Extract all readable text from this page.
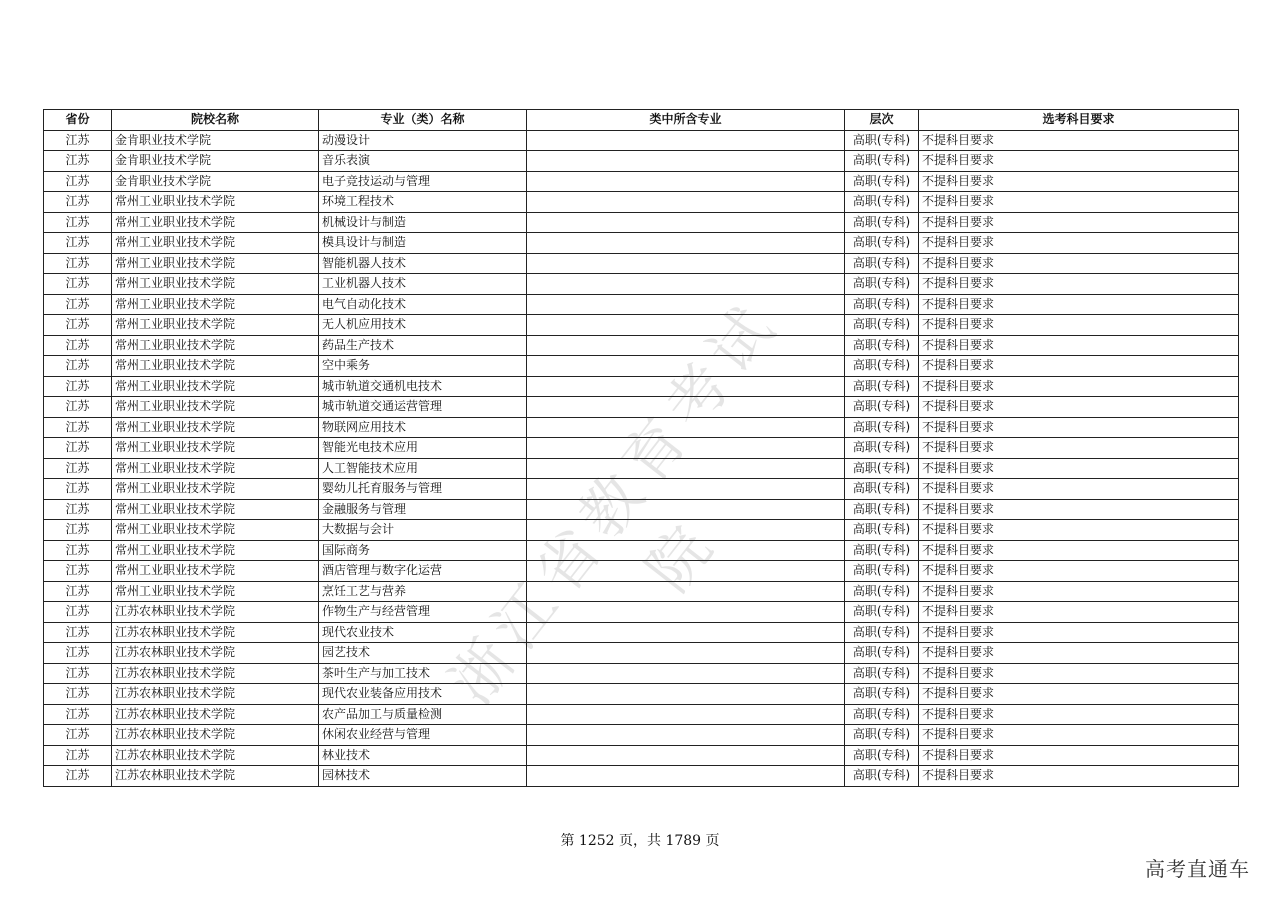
浙江省教育考试院
省份	院校名称	专业（类）名称	类中所含专业	层次	选考科目要求
江苏	金肯职业技术学院	动漫设计		高职(专科)	不提科目要求
江苏	金肯职业技术学院	音乐表演		高职(专科)	不提科目要求
江苏	金肯职业技术学院	电子竞技运动与管理		高职(专科)	不提科目要求
江苏	常州工业职业技术学院	环境工程技术		高职(专科)	不提科目要求
江苏	常州工业职业技术学院	机械设计与制造		高职(专科)	不提科目要求
江苏	常州工业职业技术学院	模具设计与制造		高职(专科)	不提科目要求
江苏	常州工业职业技术学院	智能机器人技术		高职(专科)	不提科目要求
江苏	常州工业职业技术学院	工业机器人技术		高职(专科)	不提科目要求
江苏	常州工业职业技术学院	电气自动化技术		高职(专科)	不提科目要求
江苏	常州工业职业技术学院	无人机应用技术		高职(专科)	不提科目要求
江苏	常州工业职业技术学院	药品生产技术		高职(专科)	不提科目要求
江苏	常州工业职业技术学院	空中乘务		高职(专科)	不提科目要求
江苏	常州工业职业技术学院	城市轨道交通机电技术		高职(专科)	不提科目要求
江苏	常州工业职业技术学院	城市轨道交通运营管理		高职(专科)	不提科目要求
江苏	常州工业职业技术学院	物联网应用技术		高职(专科)	不提科目要求
江苏	常州工业职业技术学院	智能光电技术应用		高职(专科)	不提科目要求
江苏	常州工业职业技术学院	人工智能技术应用		高职(专科)	不提科目要求
江苏	常州工业职业技术学院	婴幼儿托育服务与管理		高职(专科)	不提科目要求
江苏	常州工业职业技术学院	金融服务与管理		高职(专科)	不提科目要求
江苏	常州工业职业技术学院	大数据与会计		高职(专科)	不提科目要求
江苏	常州工业职业技术学院	国际商务		高职(专科)	不提科目要求
江苏	常州工业职业技术学院	酒店管理与数字化运营		高职(专科)	不提科目要求
江苏	常州工业职业技术学院	烹饪工艺与营养		高职(专科)	不提科目要求
江苏	江苏农林职业技术学院	作物生产与经营管理		高职(专科)	不提科目要求
江苏	江苏农林职业技术学院	现代农业技术		高职(专科)	不提科目要求
江苏	江苏农林职业技术学院	园艺技术		高职(专科)	不提科目要求
江苏	江苏农林职业技术学院	茶叶生产与加工技术		高职(专科)	不提科目要求
江苏	江苏农林职业技术学院	现代农业装备应用技术		高职(专科)	不提科目要求
江苏	江苏农林职业技术学院	农产品加工与质量检测		高职(专科)	不提科目要求
江苏	江苏农林职业技术学院	休闲农业经营与管理		高职(专科)	不提科目要求
江苏	江苏农林职业技术学院	林业技术		高职(专科)	不提科目要求
江苏	江苏农林职业技术学院	园林技术		高职(专科)	不提科目要求
第 1252 页，共 1789 页
高考直通车
